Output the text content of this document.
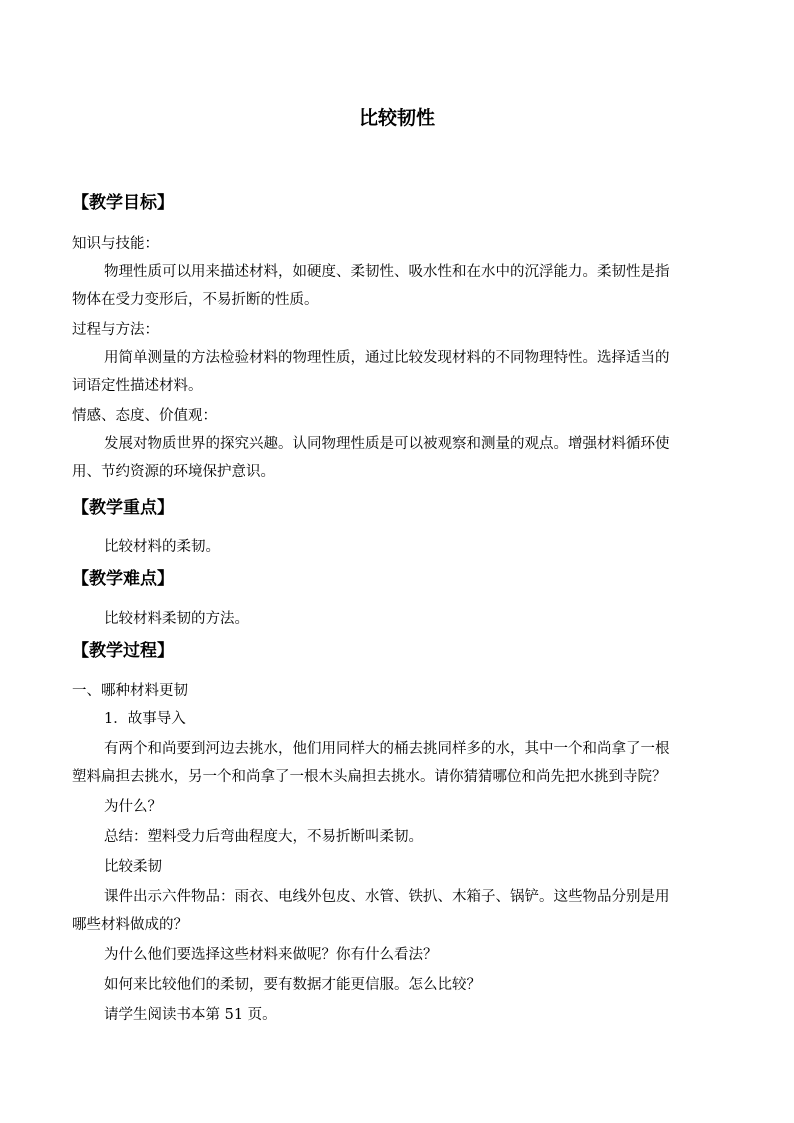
比较韧性
【教学目标】
知识与技能：
物理性质可以用来描述材料，如硬度、柔韧性、吸水性和在水中的沉浮能力。柔韧性是指
物体在受力变形后，不易折断的性质。
过程与方法：
用简单测量的方法检验材料的物理性质，通过比较发现材料的不同物理特性。选择适当的
词语定性描述材料。
情感、态度、价值观：
发展对物质世界的探究兴趣。认同物理性质是可以被观察和测量的观点。增强材料循环使
用、节约资源的环境保护意识。
【教学重点】
比较材料的柔韧。
【教学难点】
比较材料柔韧的方法。
【教学过程】
一、哪种材料更韧
1．故事导入
有两个和尚要到河边去挑水，他们用同样大的桶去挑同样多的水，其中一个和尚拿了一根
塑料扁担去挑水，另一个和尚拿了一根木头扁担去挑水。请你猜猜哪位和尚先把水挑到寺院？
为什么？
总结：塑料受力后弯曲程度大，不易折断叫柔韧。
比较柔韧
课件出示六件物品：雨衣、电线外包皮、水管、铁扒、木箱子、锅铲。这些物品分别是用
哪些材料做成的？
为什么他们要选择这些材料来做呢？你有什么看法？
如何来比较他们的柔韧，要有数据才能更信服。怎么比较？
请学生阅读书本第 51 页。
